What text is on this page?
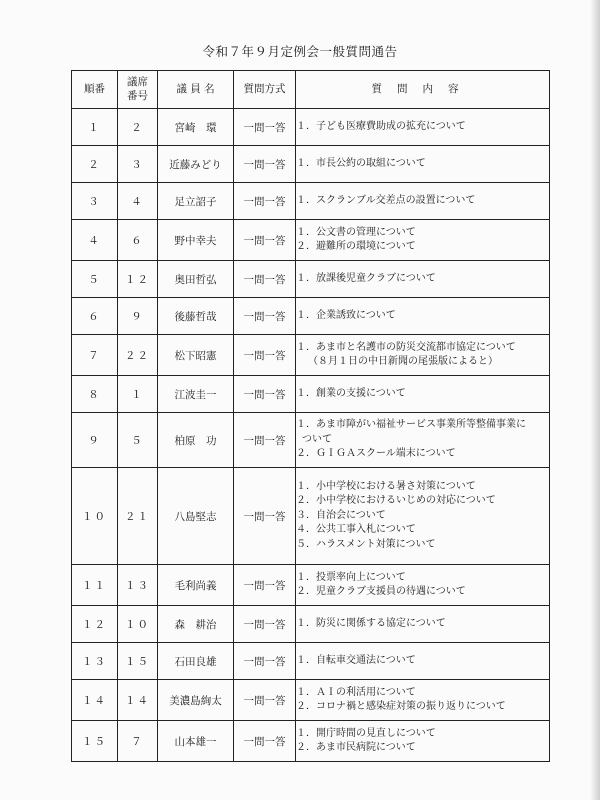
令和７年９月定例会一般質問通告
順番	議席番号	議 員 名	質問方式	質問内容
１	２	宮崎　環	一問一答	１．子ども医療費助成の拡充について

２	３	近藤みどり	一問一答	１．市長公約の取組について

３	４	足立詔子	一問一答	１．スクランブル交差点の設置について

４	６	野中幸夫	一問一答	１．公文書の管理について
２．避難所の環境について

５	１２	奥田哲弘	一問一答	１．放課後児童クラブについて

６	９	後藤哲哉	一問一答	１．企業誘致について

７	２２	松下昭憲	一問一答	１．あま市と名護市の防災交流都市協定について
（８月１日の中日新聞の尾張版によると）

８	１	江波圭一	一問一答	１．創業の支援について

９	５	柏原　功	一問一答	１．あま市障がい福祉サービス事業所等整備事業に
ついて
２．ＧＩＧＡスクール端末について

１０	２１	八島堅志	一問一答	１．小中学校における暑さ対策について
２．小中学校におけるいじめの対応について
３．自治会について
４．公共工事入札について
５．ハラスメント対策について

１１	１３	毛利尚義	一問一答	１．投票率向上について
２．児童クラブ支援員の待遇について

１２	１０	森　耕治	一問一答	１．防災に関係する協定について

１３	１５	石田良雄	一問一答	１．自転車交通法について

１４	１４	美濃島絢太	一問一答	１．ＡＩの利活用について
２．コロナ禍と感染症対策の振り返りについて

１５	７	山本雄一	一問一答	１．開庁時間の見直しについて
２．あま市民病院について
